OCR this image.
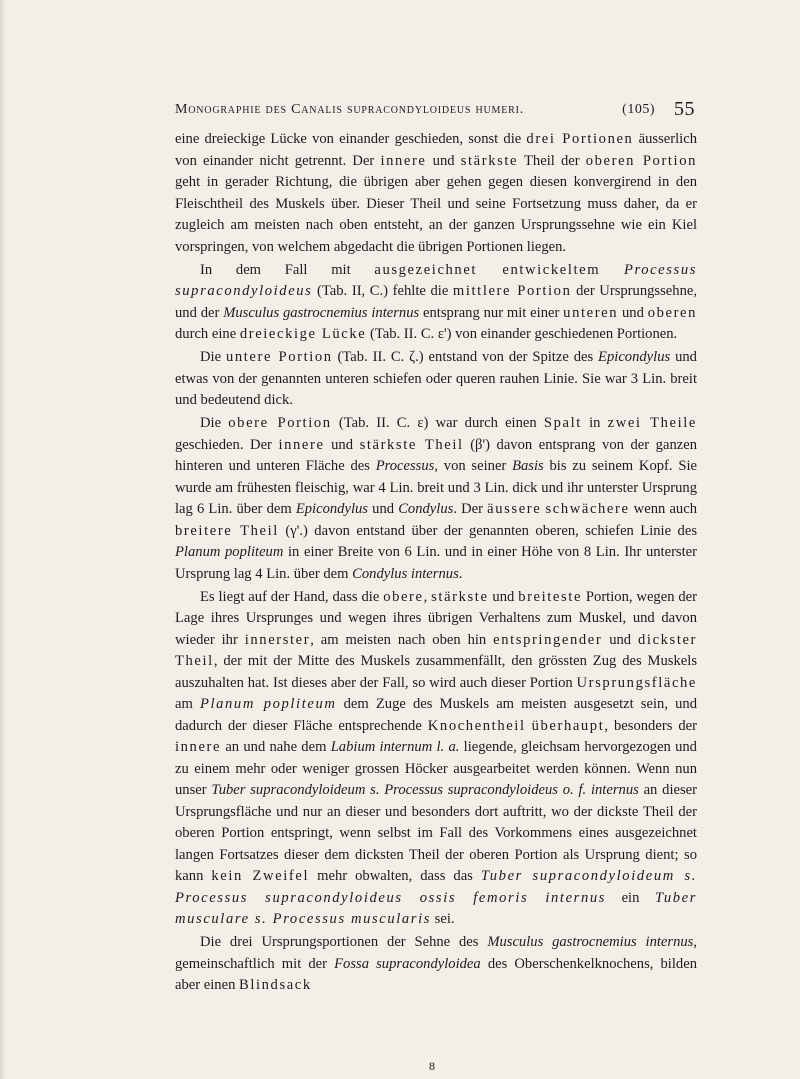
Monographie des Canalis supracondyloideus humeri.	(105) 55

eine dreieckige Lücke von einander geschieden, sonst die drei Portionen äusserlich von einander nicht getrennt. Der innere und stärkste Theil der oberen Portion geht in gerader Richtung, die übrigen aber gehen gegen diesen konvergirend in den Fleischtheil des Muskels über. Dieser Theil und seine Fortsetzung muss daher, da er zugleich am meisten nach oben entsteht, an der ganzen Ursprungssehne wie ein Kiel vorspringen, von welchem abgedacht die übrigen Portionen liegen.

In dem Fall mit ausgezeichnet entwickeltem Processus supracondyloideus (Tab. II, C.) fehlte die mittlere Portion der Ursprungssehne, und der Musculus gastrocnemius internus entsprang nur mit einer unteren und oberen durch eine dreieckige Lücke (Tab. II. C. ε') von einander geschiedenen Portionen.

Die untere Portion (Tab. II. C. ζ.) entstand von der Spitze des Epicondylus und etwas von der genannten unteren schiefen oder queren rauhen Linie. Sie war 3 Lin. breit und bedeutend dick.

Die obere Portion (Tab. II. C. ε) war durch einen Spalt in zwei Theile geschieden. Der innere und stärkste Theil (β') davon entsprang von der ganzen hinteren und unteren Fläche des Processus, von seiner Basis bis zu seinem Kopf. Sie wurde am frühesten fleischig, war 4 Lin. breit und 3 Lin. dick und ihr unterster Ursprung lag 6 Lin. über dem Epicondylus und Condylus. Der äussere schwächere wenn auch breitere Theil (γ'.) davon entstand über der genannten oberen, schiefen Linie des Planum popliteum in einer Breite von 6 Lin. und in einer Höhe von 8 Lin. Ihr unterster Ursprung lag 4 Lin. über dem Condylus internus.

Es liegt auf der Hand, dass die obere, stärkste und breiteste Portion, wegen der Lage ihres Ursprunges und wegen ihres übrigen Verhaltens zum Muskel, und davon wieder ihr innerster, am meisten nach oben hin entspringender und dickster Theil, der mit der Mitte des Muskels zusammenfällt, den grössten Zug des Muskels auszuhalten hat. Ist dieses aber der Fall, so wird auch dieser Portion Ursprungsfläche am Planum popliteum dem Zuge des Muskels am meisten ausgesetzt sein, und dadurch der dieser Fläche entsprechende Knochentheil überhaupt, besonders der innere an und nahe dem Labium internum l. a. liegende, gleichsam hervorgezogen und zu einem mehr oder weniger grossen Höcker ausgearbeitet werden können. Wenn nun unser Tuber supracondyloideum s. Processus supracondyloideus o. f. internus an dieser Ursprungsfläche und nur an dieser und besonders dort auftritt, wo der dickste Theil der oberen Portion entspringt, wenn selbst im Fall des Vorkommens eines ausgezeichnet langen Fortsatzes dieser dem dicksten Theil der oberen Portion als Ursprung dient; so kann kein Zweifel mehr obwalten, dass das Tuber supracondyloideum s. Processus supracondyloideus ossis femoris internus ein Tuber musculare s. Processus muscularis sei.

Die drei Ursprungsportionen der Sehne des Musculus gastrocnemius internus, gemeinschaftlich mit der Fossa supracondyloidea des Oberschenkelknochens, bilden aber einen Blindsack

8
